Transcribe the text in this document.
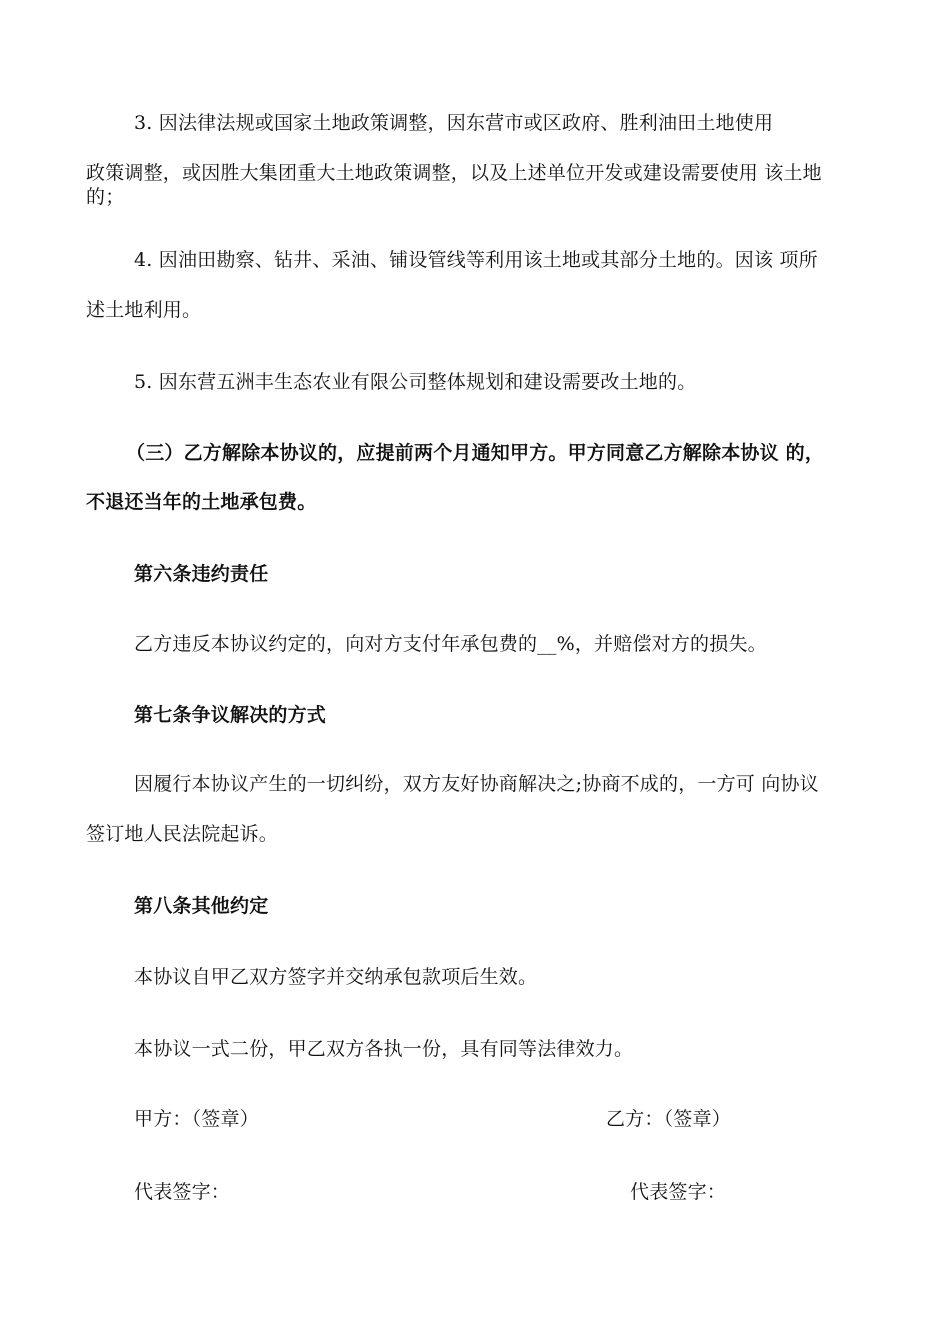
3. 因法律法规或国家土地政策调整，因东营市或区政府、胜利油田土地使用
政策调整，或因胜大集团重大土地政策调整，以及上述单位开发或建设需要使用 该土地
的；
4. 因油田勘察、钻井、采油、铺设管线等利用该土地或其部分土地的。因该 项所
述土地利用。
5. 因东营五洲丰生态农业有限公司整体规划和建设需要改土地的。
（三）乙方解除本协议的，应提前两个月通知甲方。甲方同意乙方解除本协议 的，
不退还当年的土地承包费。
第六条违约责任
乙方违反本协议约定的，向对方支付年承包费的__%，并赔偿对方的损失。
第七条争议解决的方式
因履行本协议产生的一切纠纷，双方友好协商解决之;协商不成的，一方可 向协议
签订地人民法院起诉。
第八条其他约定
本协议自甲乙双方签字并交纳承包款项后生效。
本协议一式二份，甲乙双方各执一份，具有同等法律效力。
甲方：（签章）	乙方：（签章）
代表签字：	代表签字：
